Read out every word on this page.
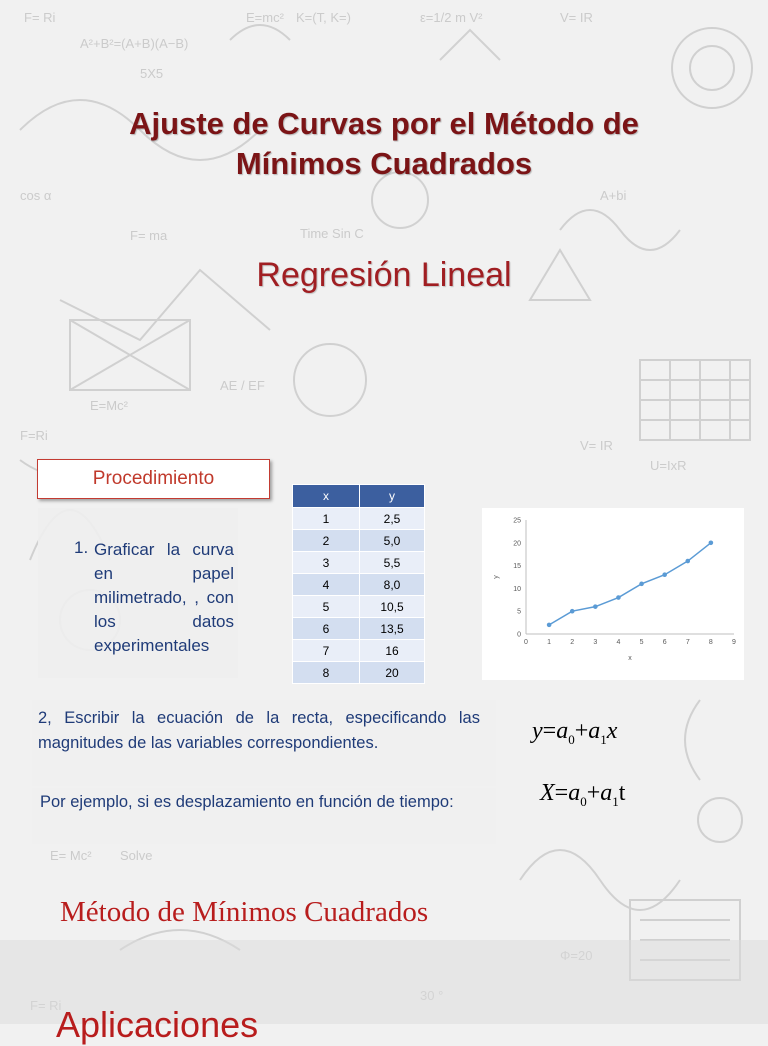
F= Ri
A²+B²=(A+B)(A−B)
E=mc² K=(T, K=)	ε=1/2 m V²	V= IR
5X5
cos α
F= ma	Time Sin C
A+bi
E=Mc²
AE / EF
U=IxR
F=Ri
V= IR
E= Mc² Solve
Ajuste de Curvas por el Método de
Mínimos Cuadrados
Regresión Lineal
Procedimiento
1. Graficar la curva en papel milimetrado, , con los datos experimentales
x	y
1	2,5
2	5,0
3	5,5
4	8,0
5	10,5
6	13,5
7	16
8	20
0	1	2	3	4	5	6	7	8	9
0
5
10
15
20
25
x
y

2, Escribir la ecuación de la recta, especificando las magnitudes de las variables correspondientes.

Por ejemplo, si es desplazamiento en función de tiempo:

$y=a_0+a_1x$
$X=a_0+a_1t$
Método de Mínimos Cuadrados
Aplicaciones
